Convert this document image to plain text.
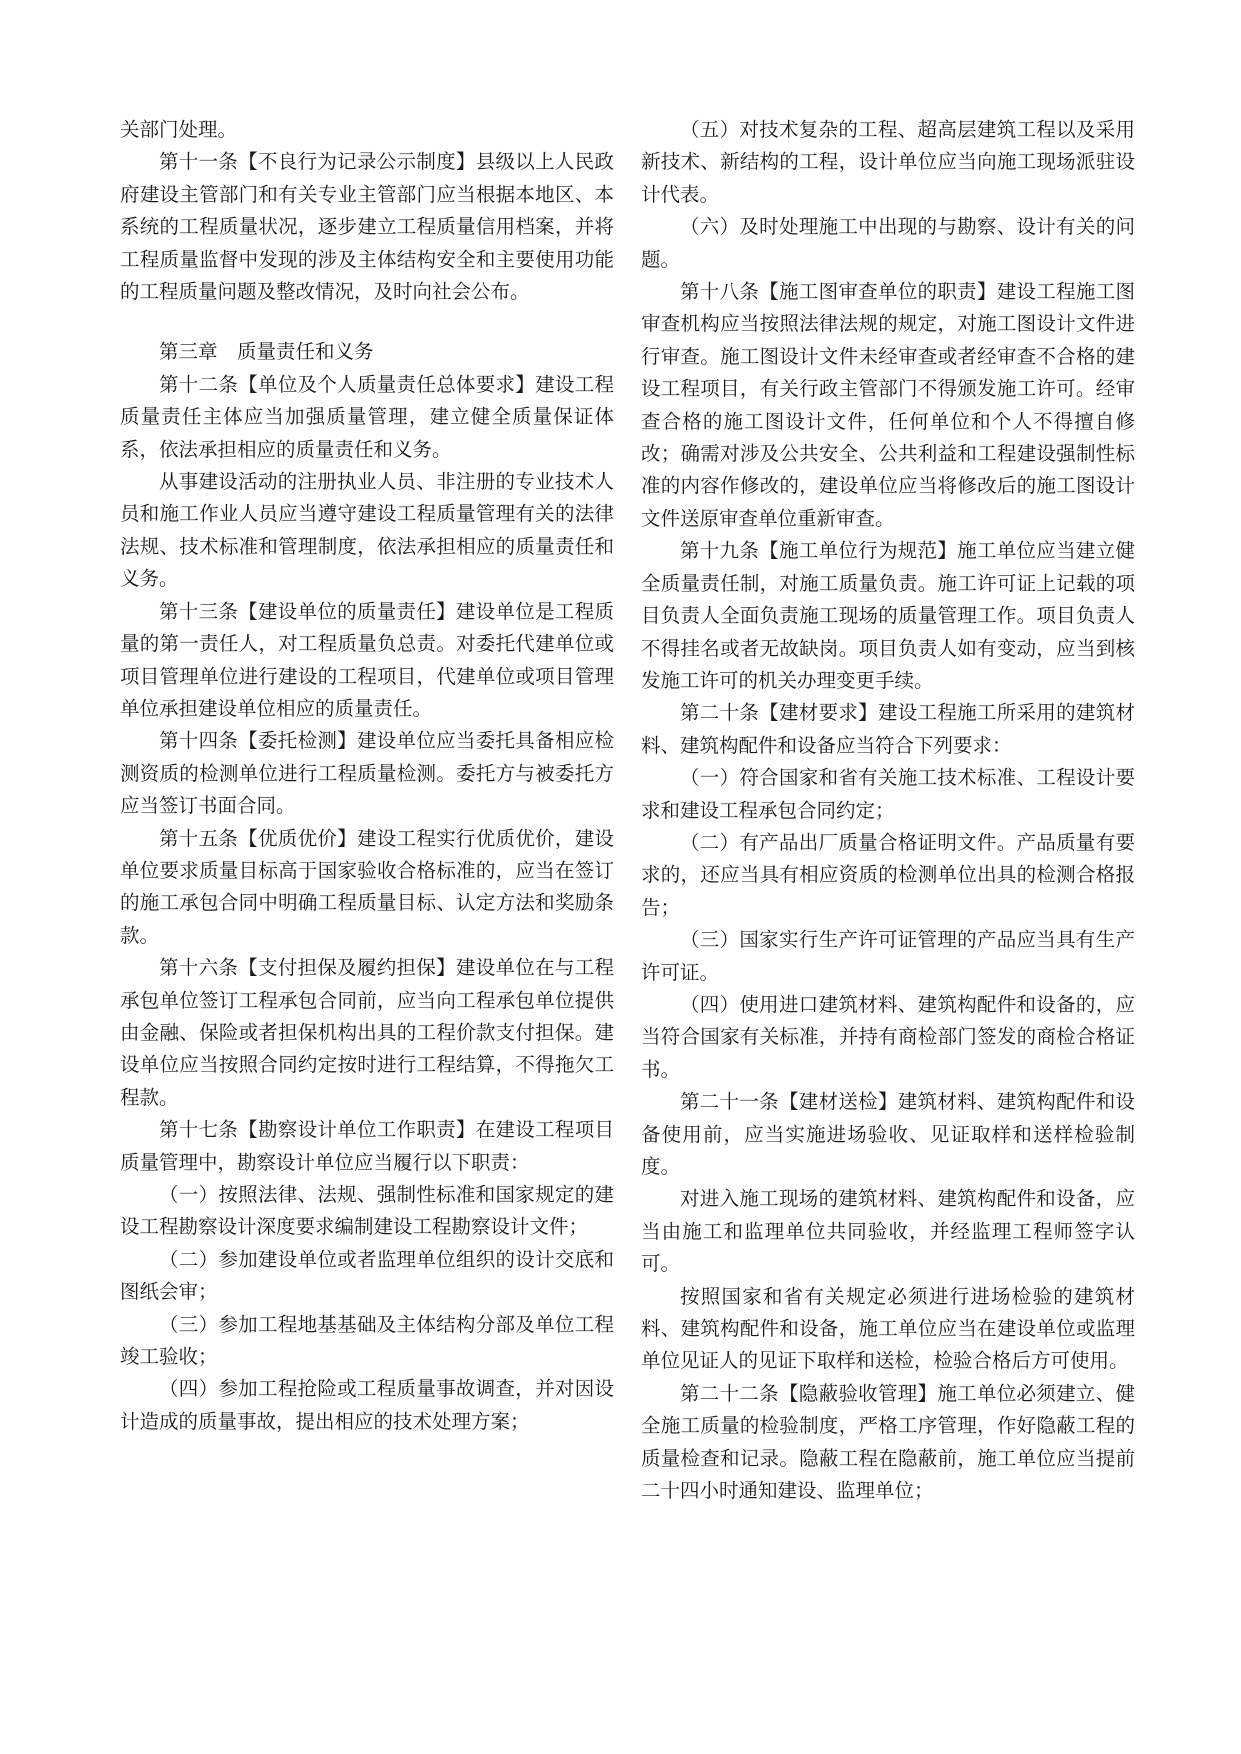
关部门处理。

第十一条【不良行为记录公示制度】县级以上人民政府建设主管部门和有关专业主管部门应当根据本地区、本系统的工程质量状况，逐步建立工程质量信用档案，并将工程质量监督中发现的涉及主体结构安全和主要使用功能的工程质量问题及整改情况，及时向社会公布。

第三章　质量责任和义务

第十二条【单位及个人质量责任总体要求】建设工程质量责任主体应当加强质量管理，建立健全质量保证体系，依法承担相应的质量责任和义务。

从事建设活动的注册执业人员、非注册的专业技术人员和施工作业人员应当遵守建设工程质量管理有关的法律法规、技术标准和管理制度，依法承担相应的质量责任和义务。

第十三条【建设单位的质量责任】建设单位是工程质量的第一责任人，对工程质量负总责。对委托代建单位或项目管理单位进行建设的工程项目，代建单位或项目管理单位承担建设单位相应的质量责任。

第十四条【委托检测】建设单位应当委托具备相应检测资质的检测单位进行工程质量检测。委托方与被委托方应当签订书面合同。

第十五条【优质优价】建设工程实行优质优价，建设单位要求质量目标高于国家验收合格标准的，应当在签订的施工承包合同中明确工程质量目标、认定方法和奖励条款。

第十六条【支付担保及履约担保】建设单位在与工程承包单位签订工程承包合同前，应当向工程承包单位提供由金融、保险或者担保机构出具的工程价款支付担保。建设单位应当按照合同约定按时进行工程结算，不得拖欠工程款。

第十七条【勘察设计单位工作职责】在建设工程项目质量管理中，勘察设计单位应当履行以下职责：

（一）按照法律、法规、强制性标准和国家规定的建设工程勘察设计深度要求编制建设工程勘察设计文件；

（二）参加建设单位或者监理单位组织的设计交底和图纸会审；

（三）参加工程地基基础及主体结构分部及单位工程竣工验收；

（四）参加工程抢险或工程质量事故调查，并对因设计造成的质量事故，提出相应的技术处理方案；

（五）对技术复杂的工程、超高层建筑工程以及采用新技术、新结构的工程，设计单位应当向施工现场派驻设计代表。

（六）及时处理施工中出现的与勘察、设计有关的问题。

第十八条【施工图审查单位的职责】建设工程施工图审查机构应当按照法律法规的规定，对施工图设计文件进行审查。施工图设计文件未经审查或者经审查不合格的建设工程项目，有关行政主管部门不得颁发施工许可。经审查合格的施工图设计文件，任何单位和个人不得擅自修改；确需对涉及公共安全、公共利益和工程建设强制性标准的内容作修改的，建设单位应当将修改后的施工图设计文件送原审查单位重新审查。

第十九条【施工单位行为规范】施工单位应当建立健全质量责任制，对施工质量负责。施工许可证上记载的项目负责人全面负责施工现场的质量管理工作。项目负责人不得挂名或者无故缺岗。项目负责人如有变动，应当到核发施工许可的机关办理变更手续。

第二十条【建材要求】建设工程施工所采用的建筑材料、建筑构配件和设备应当符合下列要求：

（一）符合国家和省有关施工技术标准、工程设计要求和建设工程承包合同约定；

（二）有产品出厂质量合格证明文件。产品质量有要求的，还应当具有相应资质的检测单位出具的检测合格报告；

（三）国家实行生产许可证管理的产品应当具有生产许可证。

（四）使用进口建筑材料、建筑构配件和设备的，应当符合国家有关标准，并持有商检部门签发的商检合格证书。

第二十一条【建材送检】建筑材料、建筑构配件和设备使用前，应当实施进场验收、见证取样和送样检验制度。

对进入施工现场的建筑材料、建筑构配件和设备，应当由施工和监理单位共同验收，并经监理工程师签字认可。

按照国家和省有关规定必须进行进场检验的建筑材料、建筑构配件和设备，施工单位应当在建设单位或监理单位见证人的见证下取样和送检，检验合格后方可使用。

第二十二条【隐蔽验收管理】施工单位必须建立、健全施工质量的检验制度，严格工序管理，作好隐蔽工程的质量检查和记录。隐蔽工程在隐蔽前，施工单位应当提前二十四小时通知建设、监理单位；
